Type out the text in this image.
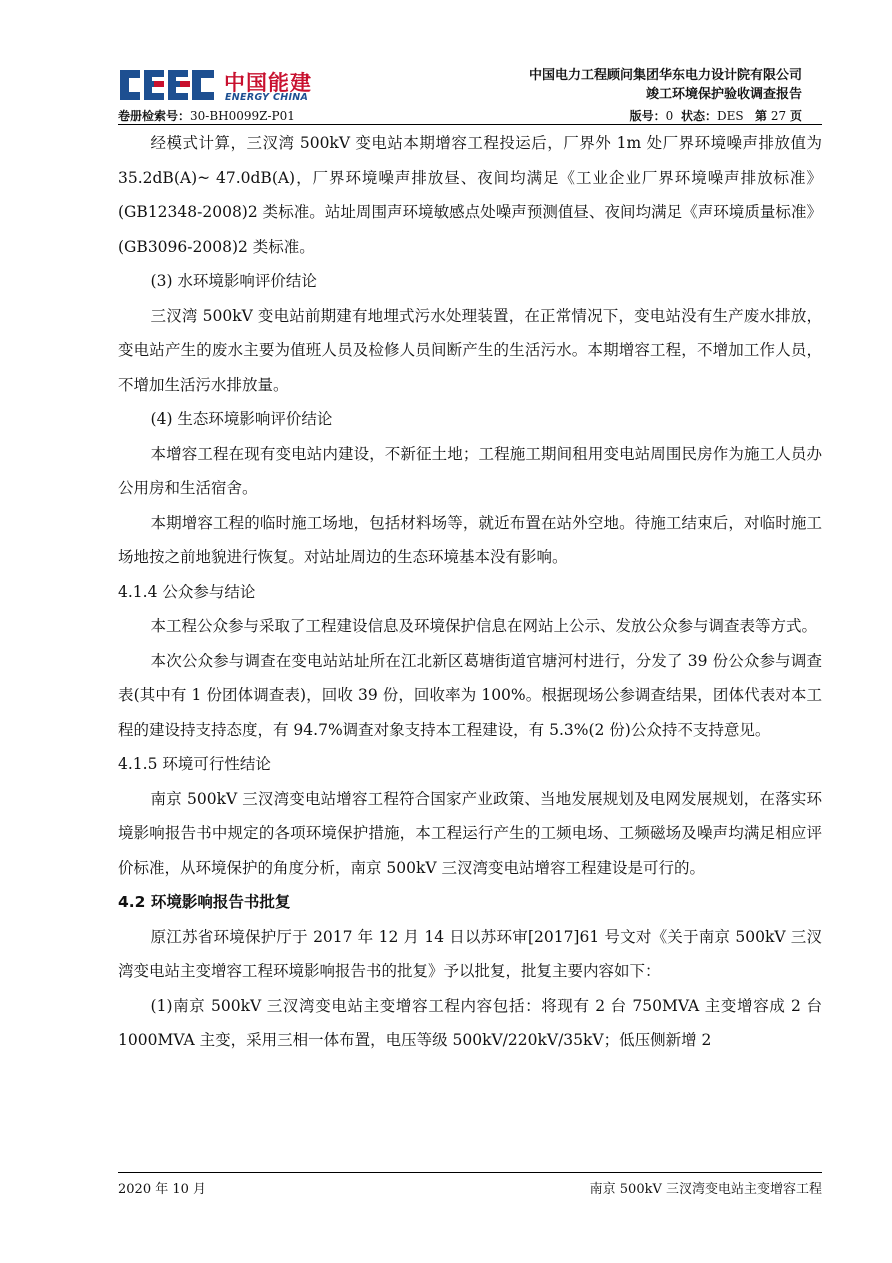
中国能建
ENERGY CHINA
中国电力工程顾问集团华东电力设计院有限公司
竣工环境保护验收调查报告
卷册检索号：30-BH0099Z-P01	版号：0 状态：DES 第 27 页

经模式计算，三汊湾 500kV 变电站本期增容工程投运后，厂界外 1m 处厂界环境噪声排放值为 35.2dB(A)~ 47.0dB(A)，厂界环境噪声排放昼、夜间均满足《工业企业厂界环境噪声排放标准》(GB12348-2008)2 类标准。站址周围声环境敏感点处噪声预测值昼、夜间均满足《声环境质量标准》(GB3096-2008)2 类标准。

(3) 水环境影响评价结论

三汊湾 500kV 变电站前期建有地埋式污水处理装置，在正常情况下，变电站没有生产废水排放，变电站产生的废水主要为值班人员及检修人员间断产生的生活污水。本期增容工程，不增加工作人员，不增加生活污水排放量。

(4) 生态环境影响评价结论

本增容工程在现有变电站内建设，不新征土地；工程施工期间租用变电站周围民房作为施工人员办公用房和生活宿舍。

本期增容工程的临时施工场地，包括材料场等，就近布置在站外空地。待施工结束后，对临时施工场地按之前地貌进行恢复。对站址周边的生态环境基本没有影响。

4.1.4 公众参与结论

本工程公众参与采取了工程建设信息及环境保护信息在网站上公示、发放公众参与调查表等方式。

本次公众参与调查在变电站站址所在江北新区葛塘街道官塘河村进行，分发了 39 份公众参与调查表(其中有 1 份团体调查表)，回收 39 份，回收率为 100%。根据现场公参调查结果，团体代表对本工程的建设持支持态度，有 94.7%调查对象支持本工程建设，有 5.3%(2 份)公众持不支持意见。

4.1.5 环境可行性结论

南京 500kV 三汊湾变电站增容工程符合国家产业政策、当地发展规划及电网发展规划，在落实环境影响报告书中规定的各项环境保护措施，本工程运行产生的工频电场、工频磁场及噪声均满足相应评价标准，从环境保护的角度分析，南京 500kV 三汊湾变电站增容工程建设是可行的。

4.2 环境影响报告书批复

原江苏省环境保护厅于 2017 年 12 月 14 日以苏环审[2017]61 号文对《关于南京 500kV 三汊湾变电站主变增容工程环境影响报告书的批复》予以批复，批复主要内容如下：

(1)南京 500kV 三汊湾变电站主变增容工程内容包括：将现有 2 台 750MVA 主变增容成 2 台 1000MVA 主变，采用三相一体布置，电压等级 500kV/220kV/35kV；低压侧新增 2

2020 年 10 月	南京 500kV 三汊湾变电站主变增容工程
